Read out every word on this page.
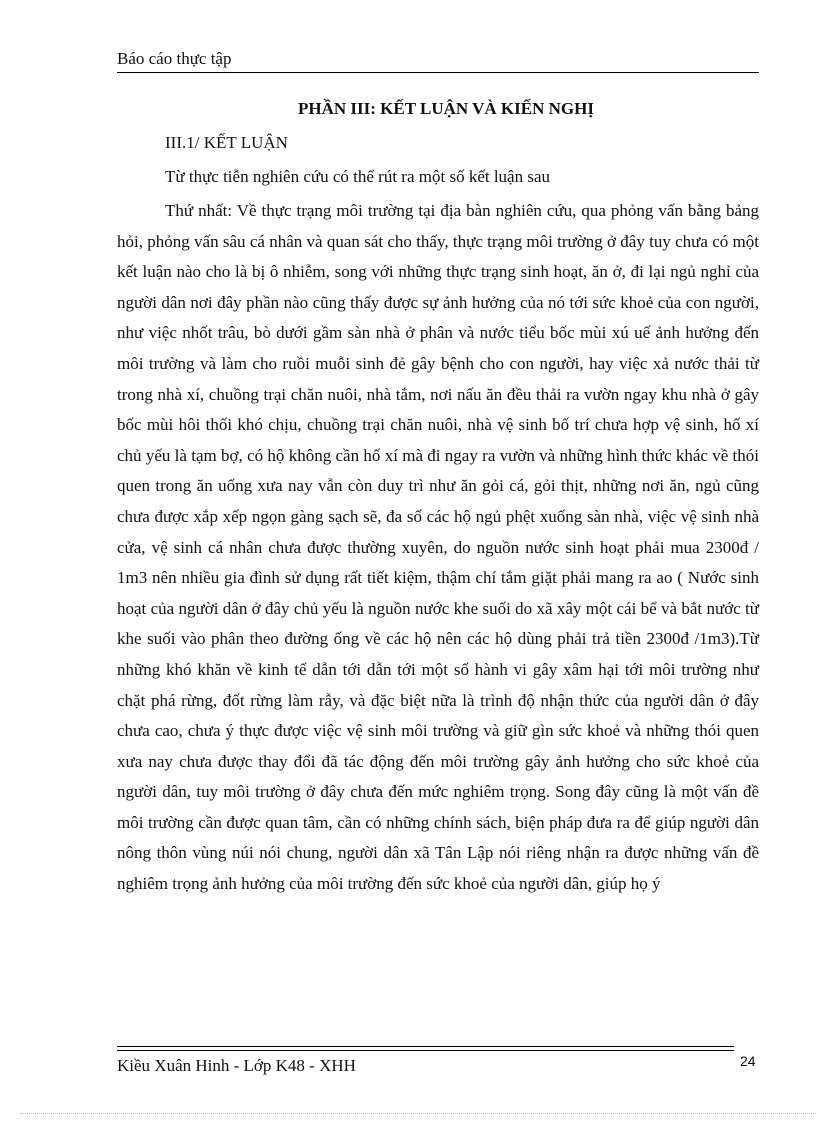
Báo cáo thực tập

PHẦN III: KẾT LUẬN VÀ KIẾN NGHỊ

III.1/ KẾT LUẬN

Từ thực tiễn nghiên cứu có thể rút ra một số kết luận sau

Thứ nhất: Về thực trạng môi trường tại địa bàn nghiên cứu, qua phỏng vấn bằng bảng hỏi, phỏng vấn sâu cá nhân và quan sát cho thấy, thực trạng môi trường ở đây tuy chưa có một kết luận nào cho là bị ô nhiễm, song với những thực trạng sinh hoạt, ăn ở, đi lại ngủ nghỉ của người dân nơi đây phần nào cũng thấy được sự ảnh hưởng của nó tới sức khoẻ của con người, như việc nhốt trâu, bò dưới gầm sàn nhà ở phân và nước tiểu bốc mùi xú uế ảnh hưởng đến môi trường và làm cho ruồi muỗi sinh đẻ gây bệnh cho con người, hay việc xả nước thải từ trong nhà xí, chuồng trại chăn nuôi, nhà tắm, nơi nấu ăn đều thải ra vườn ngay khu nhà ở gây bốc mùi hôi thối khó chịu, chuồng trại chăn nuôi, nhà vệ sinh bố trí chưa hợp vệ sinh, hố xí chủ yếu là tạm bợ, có hộ không cần hố xí mà đi ngay ra vườn và những hình thức khác về thói quen trong ăn uống xưa nay vẫn còn duy trì như ăn gỏi cá, gỏi thịt, những nơi ăn, ngủ cũng chưa được xắp xếp ngọn gàng sạch sẽ, đa số các hộ ngủ phệt xuống sàn nhà, việc vệ sinh nhà cửa, vệ sinh cá nhân chưa được thường xuyên, do nguồn nước sinh hoạt phải mua 2300đ / 1m3 nên nhiều gia đình sử dụng rất tiết kiệm, thậm chí tắm giặt phải mang ra ao ( Nước sinh hoạt của người dân ở đây chủ yếu là nguồn nước khe suối do xã xây một cái bể và bắt nước từ khe suối vào phân theo đường ống về các hộ nên các hộ dùng phải trả tiền 2300đ /1m3).Từ những khó khăn về kinh tế dẫn tới dẫn tới một số hành vi gây xâm hại tới môi trường như chặt phá rừng, đốt rừng làm rẫy, và đặc biệt nữa là trình độ nhận thức của người dân ở đây chưa cao, chưa ý thực được việc vệ sinh môi trường và giữ gìn sức khoẻ và những thói quen xưa nay chưa được thay đổi đã tác động đến môi trường gây ảnh hưởng cho sức khoẻ của người dân, tuy môi trường ở đây chưa đến mức nghiêm trọng. Song đây cũng là một vấn đề môi trường cần được quan tâm, cần có những chính sách, biện pháp đưa ra để giúp người dân nông thôn vùng núi nói chung, người dân xã Tân Lập nói riêng nhận ra được những vấn đề nghiêm trọng ảnh hưởng của môi trường đến sức khoẻ của người dân, giúp họ ý

Kiều Xuân Hinh - Lớp K48 - XHH	24
